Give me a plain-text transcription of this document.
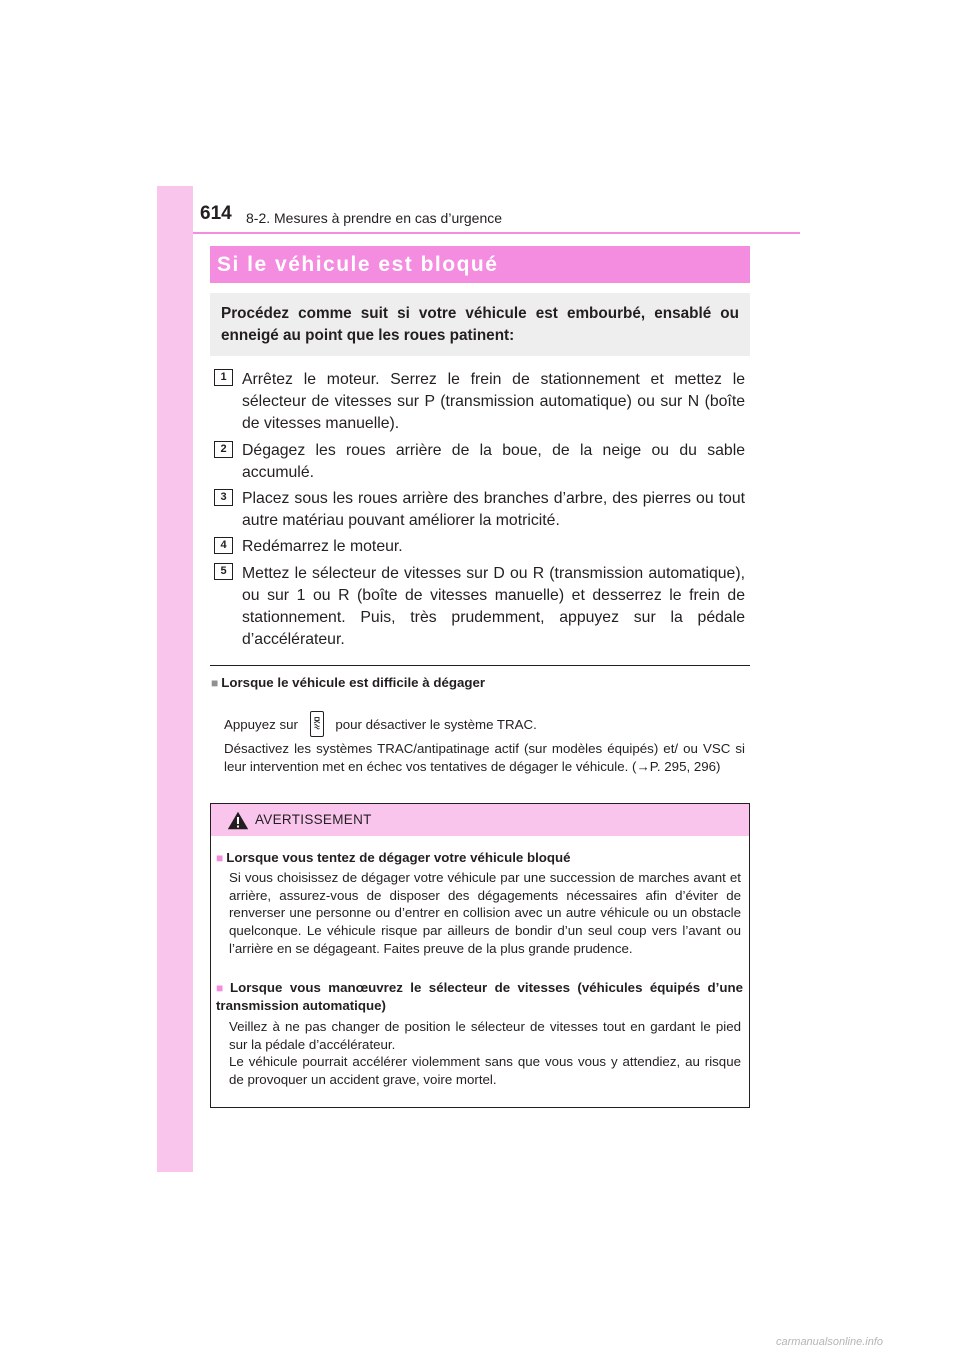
614 8-2. Mesures à prendre en cas d’urgence
Si le véhicule est bloqué
Procédez comme suit si votre véhicule est embourbé, ensablé ou enneigé au point que les roues patinent:
1 Arrêtez le moteur. Serrez le frein de stationnement et mettez le sélecteur de vitesses sur P (transmission automatique) ou sur N (boîte de vitesses manuelle).
2 Dégagez les roues arrière de la boue, de la neige ou du sable accumulé.
3 Placez sous les roues arrière des branches d’arbre, des pierres ou tout autre matériau pouvant améliorer la motricité.
4 Redémarrez le moteur.
5 Mettez le sélecteur de vitesses sur D ou R (transmission automatique), ou sur 1 ou R (boîte de vitesses manuelle) et desserrez le frein de stationnement. Puis, très prudemment, appuyez sur la pédale d’accélérateur.
■ Lorsque le véhicule est difficile à dégager
Appuyez sur	pour désactiver le système TRAC.
Désactivez les systèmes TRAC/antipatinage actif (sur modèles équipés) et/ ou VSC si leur intervention met en échec vos tentatives de dégager le véhicule. (→P. 295, 296)
AVERTISSEMENT
■ Lorsque vous tentez de dégager votre véhicule bloqué
Si vous choisissez de dégager votre véhicule par une succession de marches avant et arrière, assurez-vous de disposer des dégagements nécessaires afin d’éviter de renverser une personne ou d’entrer en collision avec un autre véhicule ou un obstacle quelconque. Le véhicule risque par ailleurs de bondir d’un seul coup vers l’avant ou l’arrière en se dégageant. Faites preuve de la plus grande prudence.
■ Lorsque vous manœuvrez le sélecteur de vitesses (véhicules équipés d’une transmission automatique)
Veillez à ne pas changer de position le sélecteur de vitesses tout en gardant le pied sur la pédale d’accélérateur.
Le véhicule pourrait accélérer violemment sans que vous vous y attendiez, au risque de provoquer un accident grave, voire mortel.
carmanualsonline.info
